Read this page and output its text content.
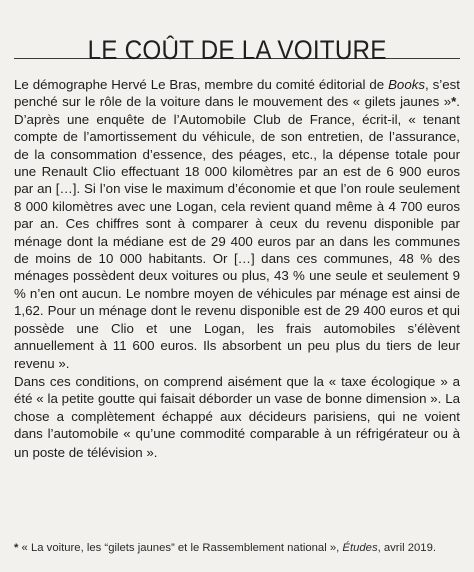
LE COÛT DE LA VOITURE

Le démographe Hervé Le Bras, membre du comité éditorial de Books, s’est penché sur le rôle de la voiture dans le mouvement des « gilets jaunes »*. D’après une enquête de l’Automobile Club de France, écrit-il, « tenant compte de l’amortissement du véhicule, de son entretien, de l’assurance, de la consommation d’essence, des péages, etc., la dépense totale pour une Renault Clio effectuant 18 000 kilomètres par an est de 6 900 euros par an […]. Si l’on vise le maximum d’économie et que l’on roule seulement 8 000 kilomètres avec une Logan, cela revient quand même à 4 700 euros par an. Ces chiffres sont à comparer à ceux du revenu disponible par ménage dont la médiane est de 29 400 euros par an dans les communes de moins de 10 000 habitants. Or […] dans ces communes, 48 % des ménages possèdent deux voitures ou plus, 43 % une seule et seulement 9 % n’en ont aucun. Le nombre moyen de véhicules par ménage est ainsi de 1,62. Pour un ménage dont le revenu disponible est de 29 400 euros et qui possède une Clio et une Logan, les frais automobiles s’élèvent annuellement à 11 600 euros. Ils absorbent un peu plus du tiers de leur revenu ».

Dans ces conditions, on comprend aisément que la « taxe écologique » a été « la petite goutte qui faisait déborder un vase de bonne dimension ». La chose a complètement échappé aux décideurs parisiens, qui ne voient dans l’automobile « qu’une commodité comparable à un réfrigérateur ou à un poste de télévision ».

* « La voiture, les “gilets jaunes” et le Rassemblement national », Études, avril 2019.
